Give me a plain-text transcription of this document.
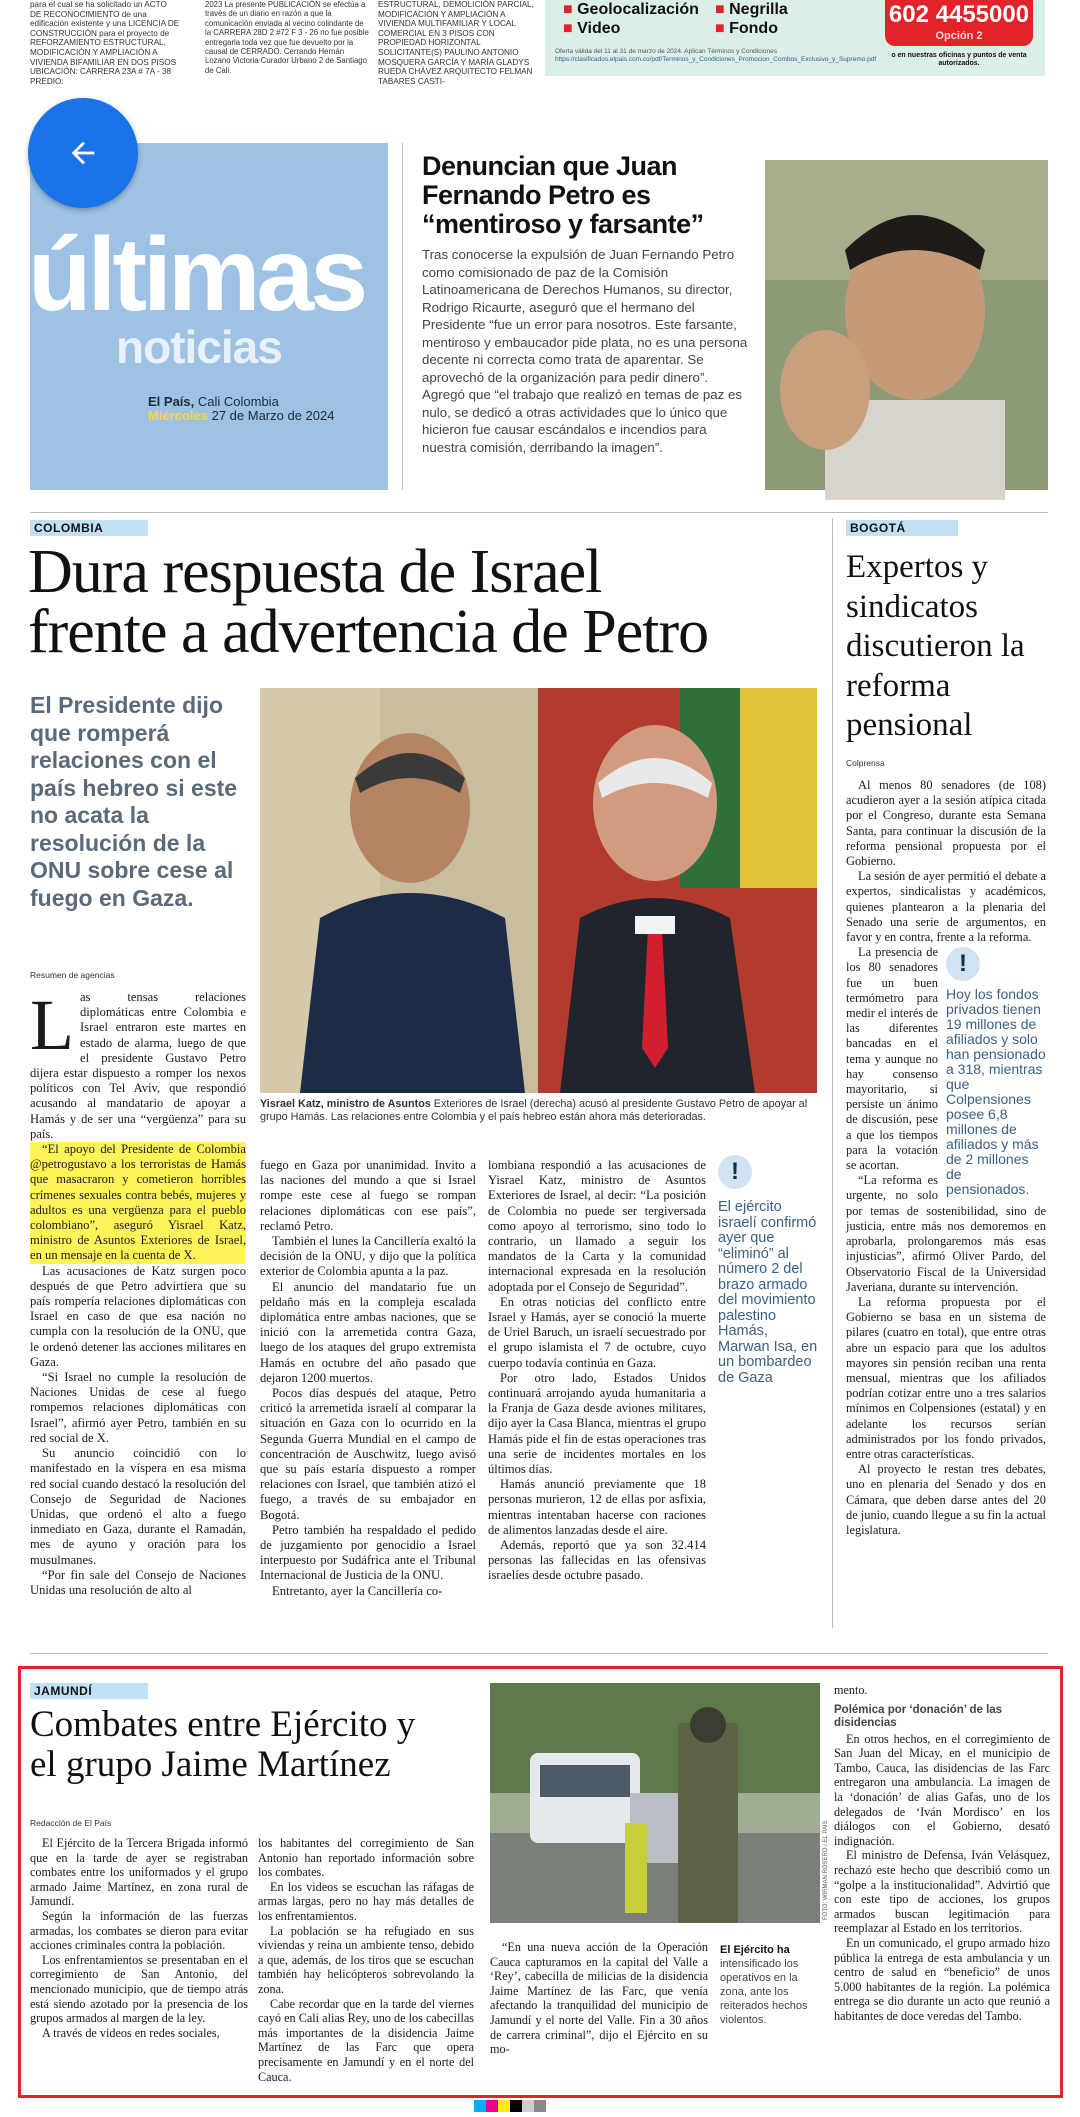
para el cual se ha solicitado un ACTO DE RECONOCIMIENTO de una edificación existente y una LICENCIA DE CONSTRUCCIÓN para el proyecto de REFORZAMIENTO ESTRUCTURAL, MODIFICACIÓN Y AMPLIACIÓN A VIVIENDA BIFAMILIAR EN DOS PISOS UBICACIÓN: CARRERA 23A # 7A - 38 PREDIO:
2023 La presente PUBLICACIÓN se efectúa a través de un diario en razón a que la comunicación enviada al vecino colindante de la CARRERA 28D 2 #72 F 3 - 26 no fue posible entregarla toda vez que fue devuelto por la causal de CERRADO. Cerrando Hernán Lozano Victoria Curador Urbano 2 de Santiago de Cali.
ESTRUCTURAL, DEMOLICIÓN PARCIAL, MODIFICACIÓN Y AMPLIACIÓN A VIVIENDA MULTIFAMILIAR Y LOCAL COMERCIAL EN 3 PISOS CON PROPIEDAD HORIZONTAL SOLICITANTE(S) PAULINO ANTONIO MOSQUERA GARCÍA Y MARÍA GLADYS RUEDA CHÁVEZ ARQUITECTO FELMAN TABARES CASTI-
■ Geolocalización
■ Video
■ Negrilla
■ Fondo
Oferta válida del 11 al 31 de marzo de 2024. Aplican Términos y Condiciones
https://clasificados.elpais.com.co/pdf/Terminos_y_Condiciones_Promocion_Combos_Exclusivo_y_Supremo.pdf
602 4455000
Opción 2
o en nuestras oficinas y puntos de venta autorizados.
últimas
noticias
El País, Cali Colombia
Miércoles 27 de Marzo de 2024
Denuncian que Juan Fernando Petro es “mentiroso y farsante”
Tras conocerse la expulsión de Juan Fernando Petro como comisionado de paz de la Comisión Latinoamericana de Derechos Humanos, su director, Rodrigo Ricaurte, aseguró que el hermano del Presidente “fue un error para nosotros. Este farsante, mentiroso y embaucador pide plata, no es una persona decente ni correcta como trata de aparentar. Se aprovechó de la organización para pedir dinero”.
Agregó que “el trabajo que realizó en temas de paz es nulo, se dedicó a otras actividades que lo único que hicieron fue causar escándalos e incendios para nuestra comisión, derribando la imagen”.
COLOMBIA
Dura respuesta de Israel
frente a advertencia de Petro
El Presidente dijo que romperá relaciones con el país hebreo si este no acata la resolución de la ONU sobre cese al fuego en Gaza.
Resumen de agencias
Yisrael Katz, ministro de Asuntos Exteriores de Israel (derecha) acusó al presidente Gustavo Petro de apoyar al grupo Hamás. Las relaciones entre Colombia y el país hebreo están ahora más deterioradas.
L as tensas relaciones diplomáticas entre Colombia e Israel entraron este martes en estado de alarma, luego de que el presidente Gustavo Petro dijera estar dispuesto a romper los nexos políticos con Tel Aviv, que respondió acusando al mandatario de apoyar a Hamás y de ser una “vergüenza” para su país.

“El apoyo del Presidente de Colombia @petrogustavo a los terroristas de Hamás que masacraron y cometieron horribles crímenes sexuales contra bebés, mujeres y adultos es una vergüenza para el pueblo colombiano”, aseguró Yisrael Katz, ministro de Asuntos Exteriores de Israel, en un mensaje en la cuenta de X.

Las acusaciones de Katz surgen poco después de que Petro advirtiera que su país rompería relaciones diplomáticas con Israel en caso de que esa nación no cumpla con la resolución de la ONU, que le ordenó detener las acciones militares en Gaza.

“Si Israel no cumple la resolución de Naciones Unidas de cese al fuego rompemos relaciones diplomáticas con Israel”, afirmó ayer Petro, también en su red social de X.

Su anuncio coincidió con lo manifestado en la víspera en esa misma red social cuando destacó la resolución del Consejo de Seguridad de Naciones Unidas, que ordenó el alto a fuego inmediato en Gaza, durante el Ramadán, mes de ayuno y oración para los musulmanes.

“Por fin sale del Consejo de Naciones Unidas una resolución de alto al

fuego en Gaza por unanimidad. Invito a las naciones del mundo a que si Israel rompe este cese al fuego se rompan relaciones diplomáticas con ese país”, reclamó Petro.

También el lunes la Cancillería exaltó la decisión de la ONU, y dijo que la política exterior de Colombia apunta a la paz.

El anuncio del mandatario fue un peldaño más en la compleja escalada diplomática entre ambas naciones, que se inició con la arremetida contra Gaza, luego de los ataques del grupo extremista Hamás en octubre del año pasado que dejaron 1200 muertos.

Pocos días después del ataque, Petro criticó la arremetida israelí al comparar la situación en Gaza con lo ocurrido en la Segunda Guerra Mundial en el campo de concentración de Auschwitz, luego avisó que su país estaría dispuesto a romper relaciones con Israel, que también atizó el fuego, a través de su embajador en Bogotá.

Petro también ha respaldado el pedido de juzgamiento por genocidio a Israel interpuesto por Sudáfrica ante el Tribunal Internacional de Justicia de la ONU.

Entretanto, ayer la Cancillería co-

lombiana respondió a las acusaciones de Yisrael Katz, ministro de Asuntos Exteriores de Israel, al decir: “La posición de Colombia no puede ser tergiversada como apoyo al terrorismo, sino todo lo contrario, un llamado a seguir los mandatos de la Carta y la comunidad internacional expresada en la resolución adoptada por el Consejo de Seguridad”.

En otras noticias del conflicto entre Israel y Hamás, ayer se conoció la muerte de Uriel Baruch, un israelí secuestrado por el grupo islamista el 7 de octubre, cuyo cuerpo todavía continúa en Gaza.

Por otro lado, Estados Unidos continuará arrojando ayuda humanitaria a la Franja de Gaza desde aviones militares, dijo ayer la Casa Blanca, mientras el grupo Hamás pide el fin de estas operaciones tras una serie de incidentes mortales en los últimos días.

Hamás anunció previamente que 18 personas murieron, 12 de ellas por asfixia, mientras intentaban hacerse con raciones de alimentos lanzadas desde el aire.

Además, reportó que ya son 32.414 personas las fallecidas en las ofensivas israelíes desde octubre pasado.

!
El ejército israelí confirmó ayer que “eliminó” al número 2 del brazo armado del movimiento palestino Hamás, Marwan Isa, en un bombardeo de Gaza
BOGOTÁ
Expertos y sindicatos discutieron la reforma pensional
Colprensa

Al menos 80 senadores (de 108) acudieron ayer a la sesión atípica citada por el Congreso, durante esta Semana Santa, para continuar la discusión de la reforma pensional propuesta por el Gobierno.

La sesión de ayer permitió el debate a expertos, sindicalistas y académicos, quienes plantearon a la plenaria del Senado una serie de argumentos, en favor y en contra, frente a la reforma.

!
Hoy los fondos privados tienen 19 millones de afiliados y solo han pensionado a 318, mientras que Colpensiones posee 6,8 millones de afiliados y más de 2 millones de pensionados.

La presencia de los 80 senadores fue un buen termómetro para medir el interés de las diferentes bancadas en el tema y aunque no hay consenso mayoritario, si persiste un ánimo de discusión, pese a que los tiempos para la votación se acortan.

“La reforma es urgente, no solo por temas de sostenibilidad, sino de justicia, entre más nos demoremos en aprobarla, prolongaremos más esas injusticias”, afirmó Oliver Pardo, del Observatorio Fiscal de la Universidad Javeriana, durante su intervención.

La reforma propuesta por el Gobierno se basa en un sistema de pilares (cuatro en total), que entre otras abre un espacio para que los adultos mayores sin pensión reciban una renta mensual, mientras que los afiliados podrían cotizar entre uno a tres salarios mínimos en Colpensiones (estatal) y en adelante los recursos serían administrados por los fondo privados, entre otras características.

Al proyecto le restan tres debates, uno en plenaria del Senado y dos en Cámara, que deben darse antes del 20 de junio, cuando llegue a su fin la actual legislatura.

JAMUNDÍ
Combates entre Ejército y
el grupo Jaime Martínez
Redacción de El País

El Ejército de la Tercera Brigada informó que en la tarde de ayer se registraban combates entre los uniformados y el grupo armado Jaime Martínez, en zona rural de Jamundí.

Según la información de las fuerzas armadas, los combates se dieron para evitar acciones criminales contra la población.

Los enfrentamientos se presentaban en el corregimiento de San Antonio, del mencionado municipio, que de tiempo atrás está siendo azotado por la presencia de los grupos armados al margen de la ley.

A través de videos en redes sociales,

los habitantes del corregimiento de San Antonio han reportado información sobre los combates.

En los videos se escuchan las ráfagas de armas largas, pero no hay más detalles de los enfrentamientos.

La población se ha refugiado en sus viviendas y reina un ambiente tenso, debido a que, además, de los tiros que se escuchan también hay helicópteros sobrevolando la zona.

Cabe recordar que en la tarde del viernes cayó en Cali alias Rey, uno de los cabecillas más importantes de la disidencia Jaime Martínez de las Farc que opera precisamente en Jamundí y en el norte del Cauca.

FOTO: WIRMAN ROSERO / EL PAÍS

“En una nueva acción de la Operación Cauca capturamos en la capital del Valle a ‘Rey’, cabecilla de milicias de la disidencia Jaime Martínez de las Farc, que venía afectando la tranquilidad del municipio de Jamundí y el norte del Valle. Fin a 30 años de carrera criminal”, dijo el Ejército en su mo-

El Ejército ha intensificado los operativos en la zona, ante los reiterados hechos violentos.

mento.

Polémica por ‘donación’ de las disidencias

En otros hechos, en el corregimiento de San Juan del Micay, en el municipio de Tambo, Cauca, las disidencias de las Farc entregaron una ambulancia. La imagen de la ‘donación’ de alias Gafas, uno de los delegados de ‘Iván Mordisco’ en los diálogos con el Gobierno, desató indignación.

El ministro de Defensa, Iván Velásquez, rechazó este hecho que describió como un “golpe a la institucionalidad”. Advirtió que con este tipo de acciones, los grupos armados buscan legitimación para reemplazar al Estado en los territorios.

En un comunicado, el grupo armado hizo pública la entrega de esta ambulancia y un centro de salud en “beneficio” de unos 5.000 habitantes de la región. La polémica entrega se dio durante un acto que reunió a habitantes de doce veredas del Tambo.
